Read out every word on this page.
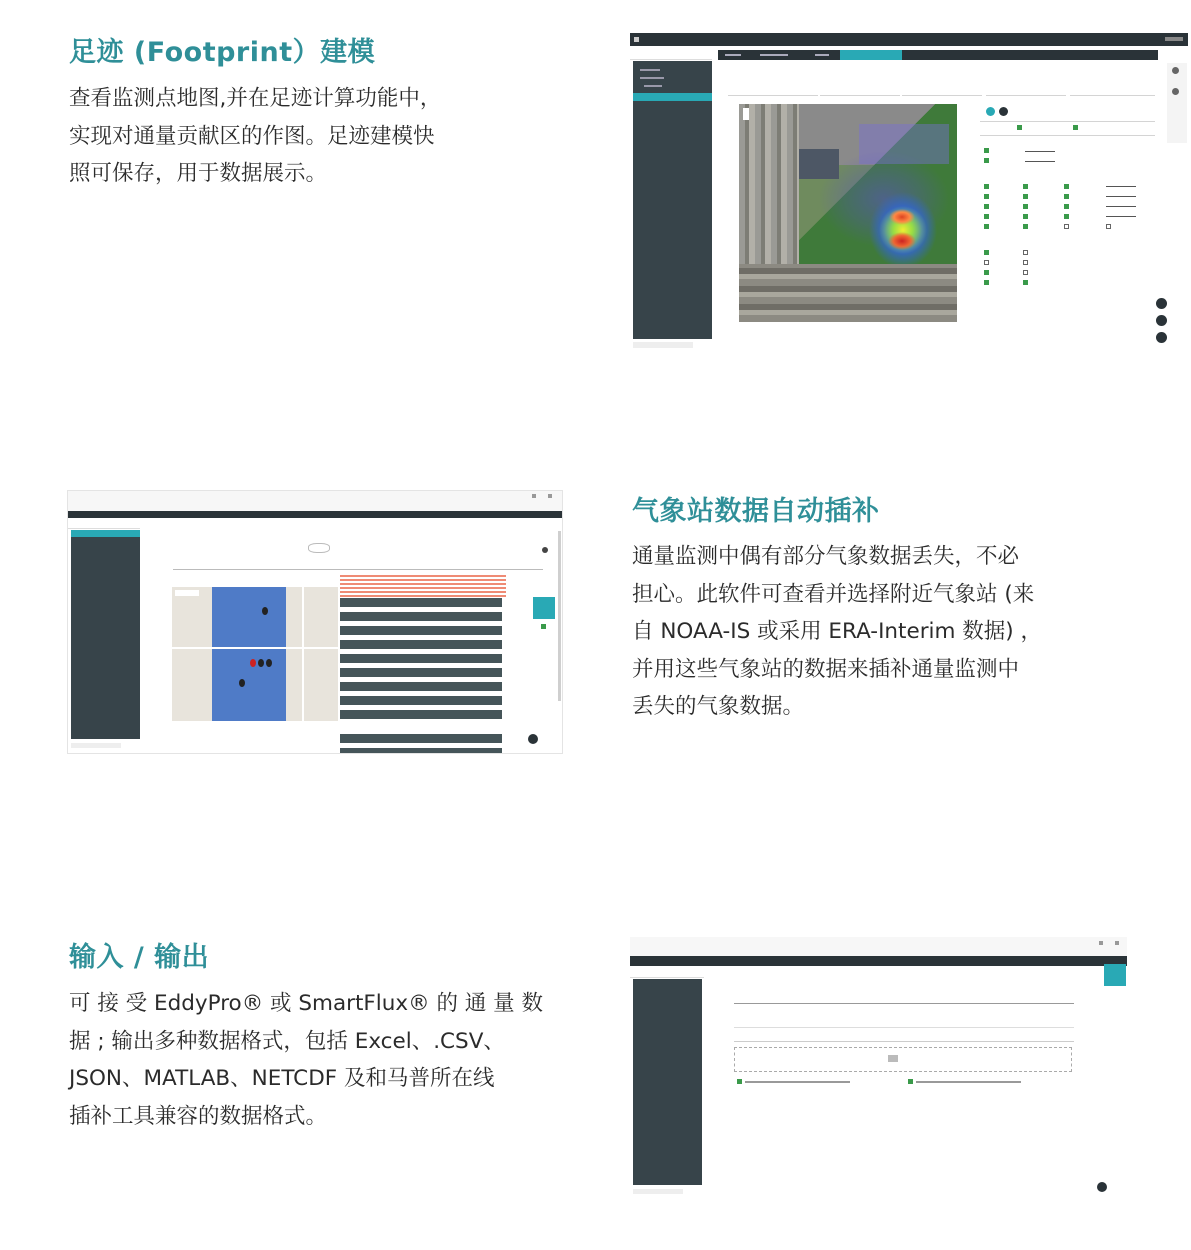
足迹 (Footprint）建模

查看监测点地图,并在足迹计算功能中，
实现对通量贡献区的作图。足迹建模快
照可保存，用于数据展示。

气象站数据自动插补

通量监测中偶有部分气象数据丢失，不必
担心。此软件可查看并选择附近气象站 (来
自 NOAA-IS 或采用 ERA-Interim 数据) ，
并用这些气象站的数据来插补通量监测中
丢失的气象数据。

输入 / 输出

可 接 受 EddyPro® 或 SmartFlux® 的 通 量 数
据 ; 输出多种数据格式，包括 Excel、.CSV、
JSON、MATLAB、NETCDF 及和马普所在线
插补工具兼容的数据格式。
